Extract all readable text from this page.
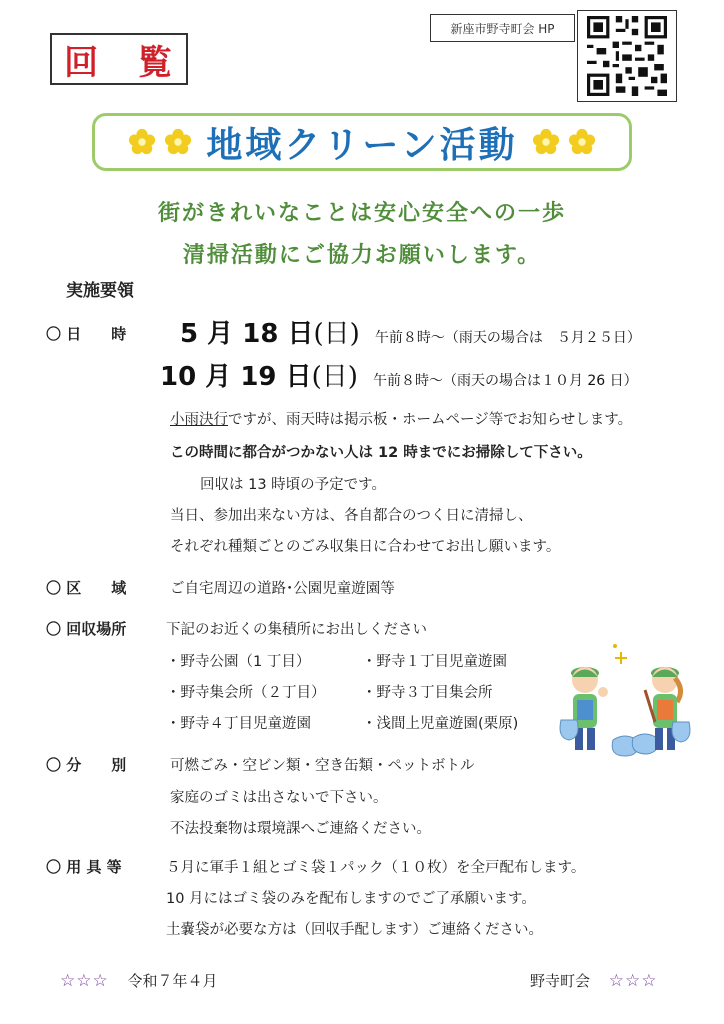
回 覧
新座市野寺町会 HP
地域クリーン活動
街がきれいなことは安心安全への一歩
清掃活動にご協力お願いします。
実施要領
〇 日　　時 5 月 18 日(日) 午前８時～（雨天の場合は　５月２５日）
10 月 19 日(日) 午前８時～（雨天の場合は１０月 26 日）
小雨決行ですが、雨天時は掲示板・ホームページ等でお知らせします。
この時間に都合がつかない人は 12 時までにお掃除して下さい。
回収は 13 時頃の予定です。
当日、参加出来ない方は、各自都合のつく日に清掃し、
それぞれ種類ごとのごみ収集日に合わせてお出し願います。
〇 区　　域	ご自宅周辺の道路･公園児童遊園等
〇 回収場所	下記のお近くの集積所にお出しください
・野寺公園（1 丁目）	・野寺１丁目児童遊園
・野寺集会所（２丁目）	・野寺３丁目集会所
・野寺４丁目児童遊園	・浅間上児童遊園(栗原)
〇 分　　別	可燃ごみ・空ビン類・空き缶類・ペットボトル
家庭のゴミは出さないで下さい。
不法投棄物は環境課へご連絡ください。
〇 用 具 等	５月に軍手１組とゴミ袋１パック（１０枚）を全戸配布します。
10 月にはゴミ袋のみを配布しますのでご了承願います。
土嚢袋が必要な方は（回収手配します）ご連絡ください。
☆☆☆ 令和７年４月	野寺町会 ☆☆☆
